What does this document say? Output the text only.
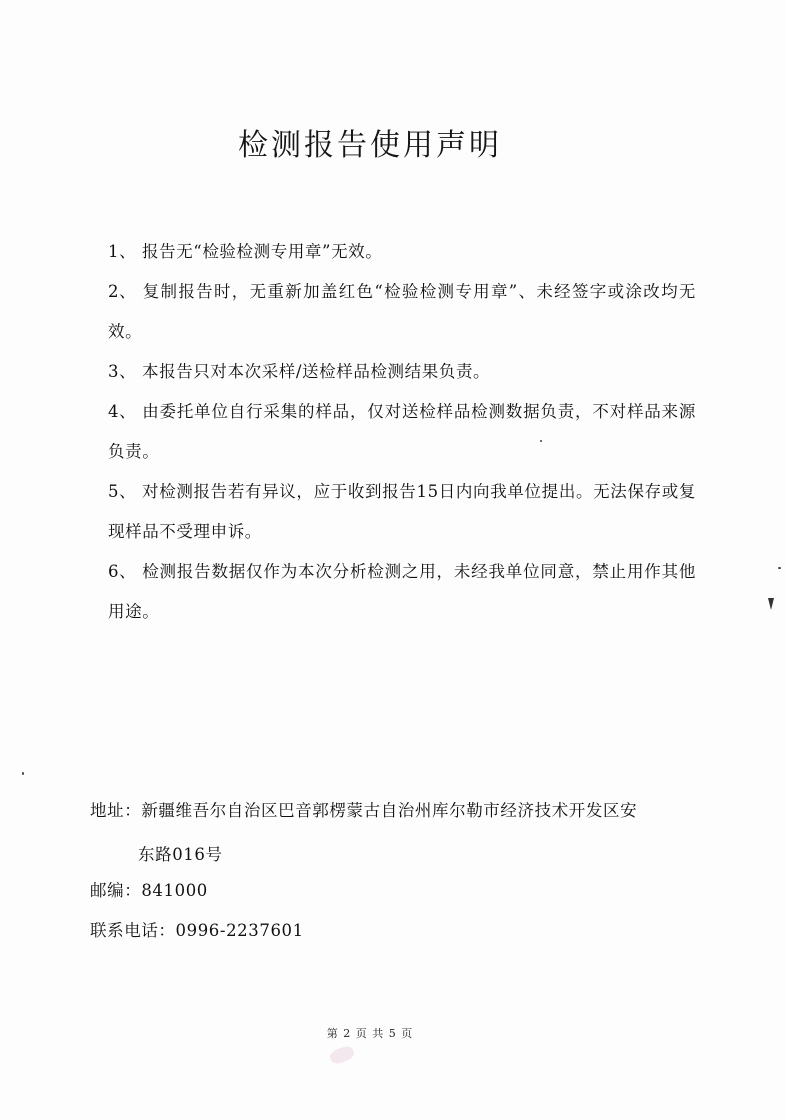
检测报告使用声明

1、 报告无“检验检测专用章”无效。

2、 复制报告时，无重新加盖红色“检验检测专用章”、未经签字或涂改均无效。

3、 本报告只对本次采样/送检样品检测结果负责。

4、 由委托单位自行采集的样品，仅对送检样品检测数据负责，不对样品来源负责。

5、 对检测报告若有异议，应于收到报告15日内向我单位提出。无法保存或复现样品不受理申诉。

6、 检测报告数据仅作为本次分析检测之用，未经我单位同意，禁止用作其他用途。

地址：新疆维吾尔自治区巴音郭楞蒙古自治州库尔勒市经济技术开发区安
东路016号
邮编：841000
联系电话：0996-2237601
第 2 页 共 5 页
